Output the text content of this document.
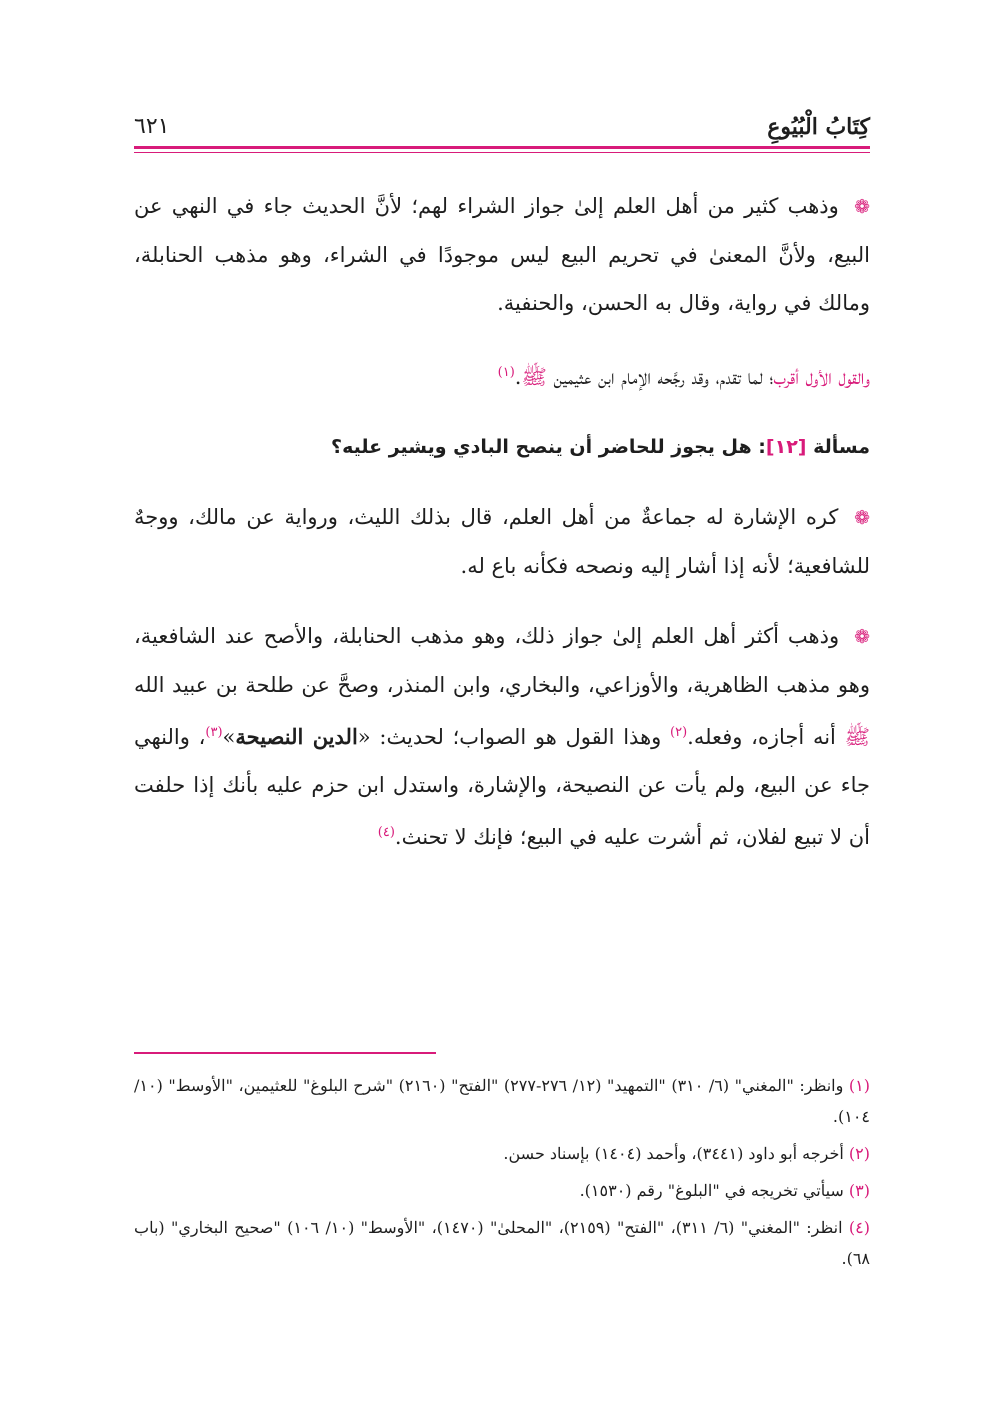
كِتَابُ الْبُيُوعِ
٦٢١

❁ وذهب كثير من أهل العلم إلىٰ جواز الشراء لهم؛ لأنَّ الحديث جاء في النهي عن البيع، ولأنَّ المعنىٰ في تحريم البيع ليس موجودًا في الشراء، وهو مذهب الحنابلة، ومالك في رواية، وقال به الحسن، والحنفية.

والقول الأول أقرب؛ لما تقدم، وقد رجَّحه الإمام ابن عثيمين ﷺ.$^{(١)}$

مسألة [١٢]: هل يجوز للحاضر أن ينصح البادي ويشير عليه؟

❁ كره الإشارة له جماعةٌ من أهل العلم، قال بذلك الليث، ورواية عن مالك، ووجهٌ للشافعية؛ لأنه إذا أشار إليه ونصحه فكأنه باع له.

❁ وذهب أكثر أهل العلم إلىٰ جواز ذلك، وهو مذهب الحنابلة، والأصح عند الشافعية، وهو مذهب الظاهرية، والأوزاعي، والبخاري، وابن المنذر، وصحَّ عن طلحة بن عبيد الله ﷺ أنه أجازه، وفعله.$^{(٢)}$ وهذا القول هو الصواب؛ لحديث: «الدين النصيحة»$^{(٣)}$، والنهي جاء عن البيع، ولم يأت عن النصيحة، والإشارة، واستدل ابن حزم عليه بأنك إذا حلفت أن لا تبيع لفلان، ثم أشرت عليه في البيع؛ فإنك لا تحنث.$^{(٤)}$

(١) وانظر: "المغني" (٦/ ٣١٠) "التمهيد" (١٢/ ٢٧٦-٢٧٧) "الفتح" (٢١٦٠) "شرح البلوغ" للعثيمين، "الأوسط" (١٠/ ١٠٤).

(٢) أخرجه أبو داود (٣٤٤١)، وأحمد (١٤٠٤) بإسناد حسن.

(٣) سيأتي تخريجه في "البلوغ" رقم (١٥٣٠).

(٤) انظر: "المغني" (٦/ ٣١١)، "الفتح" (٢١٥٩)، "المحلىٰ" (١٤٧٠)، "الأوسط" (١٠/ ١٠٦) "صحيح البخاري" (باب ٦٨).
